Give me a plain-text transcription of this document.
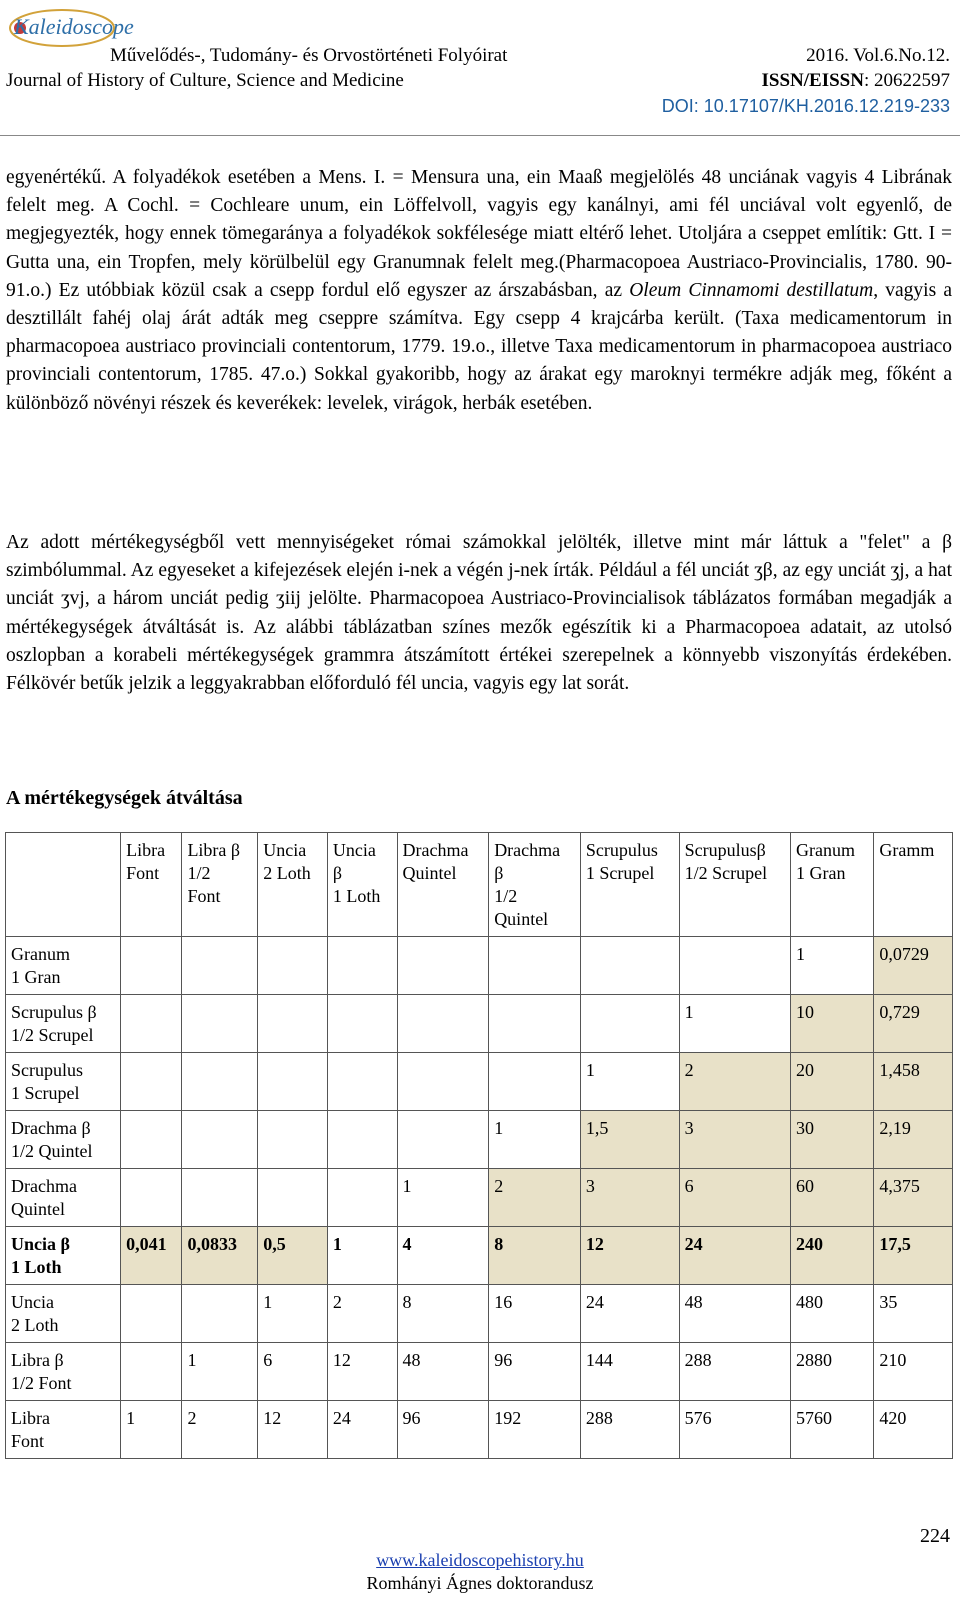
Kaleidoscope
Művelődés-, Tudomány- és Orvostörténeti Folyóirat
Journal of History of Culture, Science and Medicine
2016. Vol.6.No.12.
ISSN/EISSN: 20622597
DOI: 10.17107/KH.2016.12.219-233
egyenértékű. A folyadékok esetében a Mens. I. = Mensura una, ein Maaß megjelölés 48 unciának vagyis 4 Librának felelt meg. A Cochl. = Cochleare unum, ein Löffelvoll, vagyis egy kanálnyi, ami fél unciával volt egyenlő, de megjegyezték, hogy ennek tömegaránya a folyadékok sokfélesége miatt eltérő lehet. Utoljára a cseppet említik: Gtt. I = Gutta una, ein Tropfen, mely körülbelül egy Granumnak felelt meg.(Pharmacopoea Austriaco-Provincialis, 1780. 90-91.o.) Ez utóbbiak közül csak a csepp fordul elő egyszer az árszabásban, az Oleum Cinnamomi destillatum, vagyis a desztillált fahéj olaj árát adták meg cseppre számítva. Egy csepp 4 krajcárba került. (Taxa medicamentorum in pharmacopoea austriaco provinciali contentorum, 1779. 19.o., illetve Taxa medicamentorum in pharmacopoea austriaco provinciali contentorum, 1785. 47.o.) Sokkal gyakoribb, hogy az árakat egy maroknyi termékre adják meg, főként a különböző növényi részek és keverékek: levelek, virágok, herbák esetében.
Az adott mértékegységből vett mennyiségeket római számokkal jelölték, illetve mint már láttuk a "felet" a β szimbólummal. Az egyeseket a kifejezések elején i-nek a végén j-nek írták. Például a fél unciát ʒβ, az egy unciát ʒj, a hat unciát ʒvj, a három unciát pedig ʒiij jelölte. Pharmacopoea Austriaco-Provincialisok táblázatos formában megadják a mértékegységek átváltását is. Az alábbi táblázatban színes mezők egészítik ki a Pharmacopoea adatait, az utolsó oszlopban a korabeli mértékegységek grammra átszámított értékei szerepelnek a könnyebb viszonyítás érdekében. Félkövér betűk jelzik a leggyakrabban előforduló fél uncia, vagyis egy lat sorát.
A mértékegységek átváltása
	Libra
Font	Libra β
1/2
Font	Uncia
2 Loth	Uncia
β
1 Loth	Drachma
Quintel	Drachma
β
1/2
Quintel	Scrupulus
1 Scrupel	Scrupulusβ
1/2 Scrupel	Granum
1 Gran	Gramm
Granum
1 Gran									1	0,0729
Scrupulus β
1/2 Scrupel								1	10	0,729
Scrupulus
1 Scrupel							1	2	20	1,458
Drachma β
1/2 Quintel						1	1,5	3	30	2,19
Drachma
Quintel					1	2	3	6	60	4,375
Uncia β
1 Loth	0,041	0,0833	0,5	1	4	8	12	24	240	17,5
Uncia
2 Loth			1	2	8	16	24	48	480	35
Libra β
1/2 Font		1	6	12	48	96	144	288	2880	210
Libra
Font	1	2	12	24	96	192	288	576	5760	420
224
www.kaleidoscopehistory.hu
Romhányi Ágnes doktorandusz
